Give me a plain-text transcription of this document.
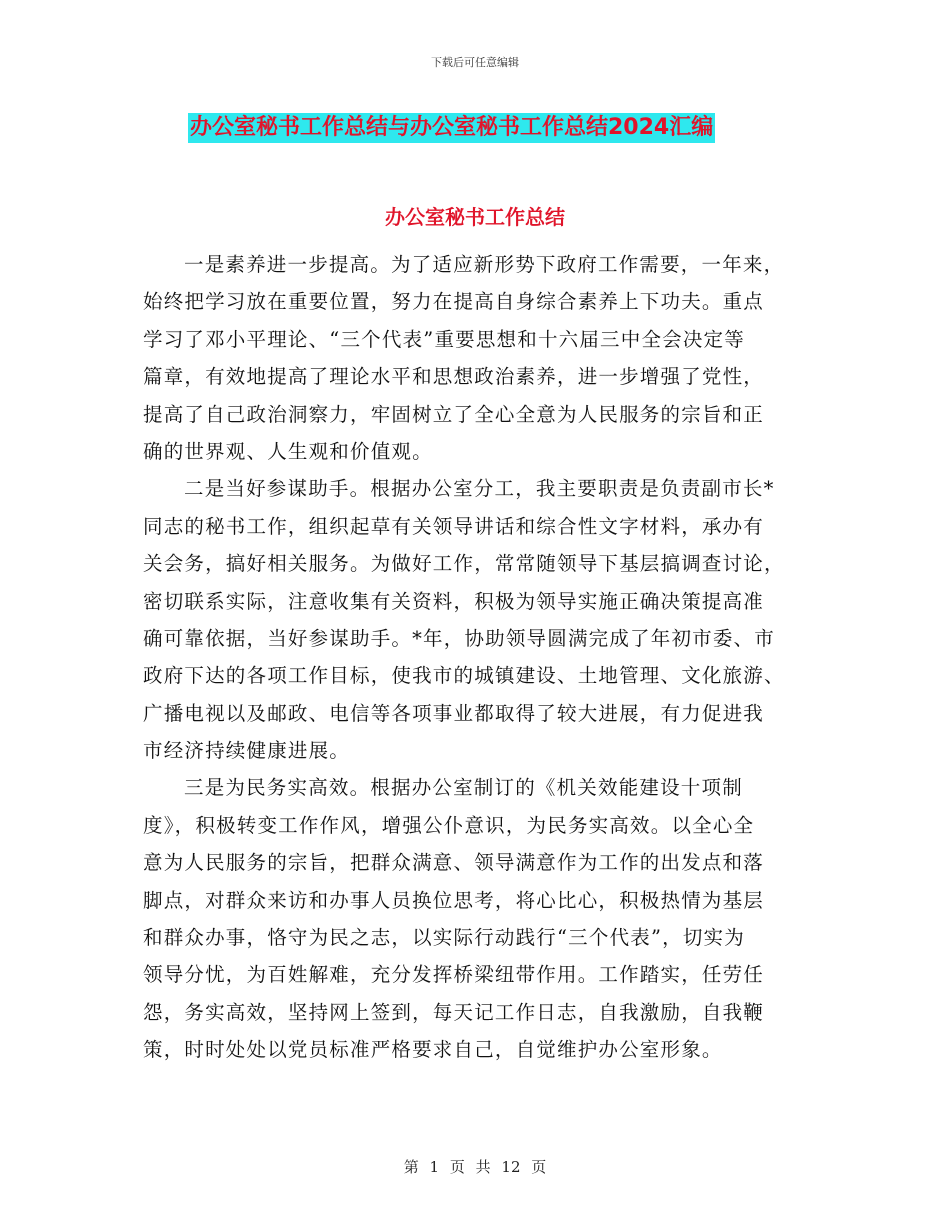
下载后可任意编辑
办公室秘书工作总结与办公室秘书工作总结2024汇编
办公室秘书工作总结
一是素养进一步提高。为了适应新形势下政府工作需要，一年来，
始终把学习放在重要位置，努力在提高自身综合素养上下功夫。重点
学习了邓小平理论、“三个代表”重要思想和十六届三中全会决定等
篇章，有效地提高了理论水平和思想政治素养，进一步增强了党性，
提高了自己政治洞察力，牢固树立了全心全意为人民服务的宗旨和正
确的世界观、人生观和价值观。
二是当好参谋助手。根据办公室分工，我主要职责是负责副市长*
同志的秘书工作，组织起草有关领导讲话和综合性文字材料，承办有
关会务，搞好相关服务。为做好工作，常常随领导下基层搞调查讨论，
密切联系实际，注意收集有关资料，积极为领导实施正确决策提高准
确可靠依据，当好参谋助手。*年，协助领导圆满完成了年初市委、市
政府下达的各项工作目标，使我市的城镇建设、土地管理、文化旅游、
广播电视以及邮政、电信等各项事业都取得了较大进展，有力促进我
市经济持续健康进展。
三是为民务实高效。根据办公室制订的《机关效能建设十项制
度》，积极转变工作作风，增强公仆意识，为民务实高效。以全心全
意为人民服务的宗旨，把群众满意、领导满意作为工作的出发点和落
脚点，对群众来访和办事人员换位思考，将心比心，积极热情为基层
和群众办事，恪守为民之志，以实际行动践行“三个代表”，切实为
领导分忧，为百姓解难，充分发挥桥梁纽带作用。工作踏实，任劳任
怨，务实高效，坚持网上签到，每天记工作日志，自我激励，自我鞭
策，时时处处以党员标准严格要求自己，自觉维护办公室形象。
第 1 页 共 12 页
